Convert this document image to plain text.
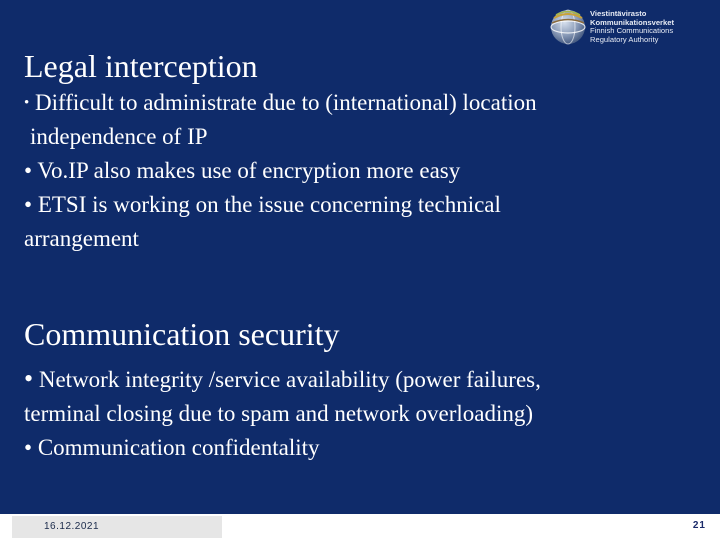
Viestintävirasto
Kommunikationsverket
Finnish Communications
Regulatory Authority
Legal interception
• Difficult to administrate due to (international) location
independence of IP
• Vo.IP also makes use of encryption more easy
• ETSI is working on the issue concerning technical
arrangement
Communication security
• Network integrity /service availability (power failures,
terminal closing due to spam and network overloading)
• Communication confidentality
16.12.2021	21
